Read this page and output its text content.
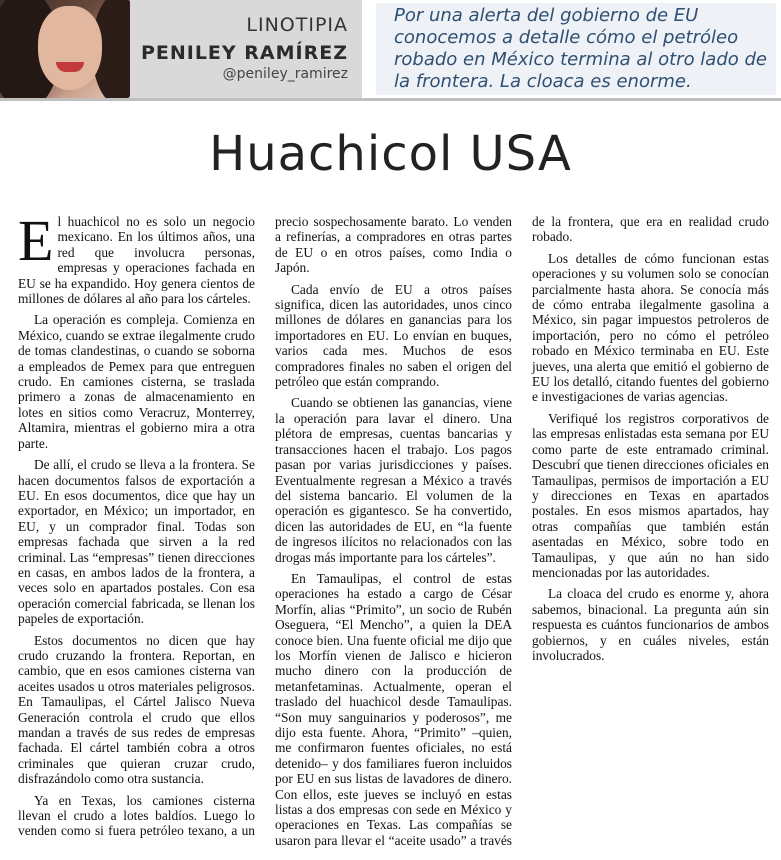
LINOTIPIA
PENILEY RAMÍREZ
@peniley_ramirez
Por una alerta del gobierno de EU conocemos a detalle cómo el petróleo robado en México termina al otro lado de la frontera. La cloaca es enorme.
Huachicol USA

El huachicol no es solo un negocio mexicano. En los últimos años, una red que involucra personas, empresas y operaciones fachada en EU se ha expandido. Hoy genera cientos de millones de dólares al año para los cárteles.

La operación es compleja. Comienza en México, cuando se extrae ilegalmente crudo de tomas clandestinas, o cuando se soborna a empleados de Pemex para que entreguen crudo. En camiones cisterna, se traslada primero a zonas de almacenamiento en lotes en sitios como Veracruz, Monterrey, Altamira, mientras el gobierno mira a otra parte.

De allí, el crudo se lleva a la frontera. Se hacen documentos falsos de exportación a EU. En esos documentos, dice que hay un exportador, en México; un importador, en EU, y un comprador final. Todas son empresas fachada que sirven a la red criminal. Las “empresas” tienen direcciones en casas, en ambos lados de la frontera, a veces solo en apartados postales. Con esa operación comercial fabricada, se llenan los papeles de exportación.

Estos documentos no dicen que hay crudo cruzando la frontera. Reportan, en cambio, que en esos camiones cisterna van aceites usados u otros materiales peligrosos. En Tamaulipas, el Cártel Jalisco Nueva Generación controla el crudo que ellos mandan a través de sus redes de empresas fachada. El cártel también cobra a otros criminales que quieran cruzar crudo, disfrazándolo como otra sustancia.

Ya en Texas, los camiones cisterna llevan el crudo a lotes baldíos. Luego lo venden como si fuera petróleo texano, a un precio sospechosamente barato. Lo venden a refinerías, a compradores en otras partes de EU o en otros países, como India o Japón.

Cada envío de EU a otros países significa, dicen las autoridades, unos cinco millones de dólares en ganancias para los importadores en EU. Lo envían en buques, varios cada mes. Muchos de esos compradores finales no saben el origen del petróleo que están comprando.

Cuando se obtienen las ganancias, viene la operación para lavar el dinero. Una plétora de empresas, cuentas bancarias y transacciones hacen el trabajo. Los pagos pasan por varias jurisdicciones y países. Eventualmente regresan a México a través del sistema bancario. El volumen de la operación es gigantesco. Se ha convertido, dicen las autoridades de EU, en “la fuente de ingresos ilícitos no relacionados con las drogas más importante para los cárteles”.

En Tamaulipas, el control de estas operaciones ha estado a cargo de César Morfín, alias “Primito”, un socio de Rubén Oseguera, “El Mencho”, a quien la DEA conoce bien. Una fuente oficial me dijo que los Morfín vienen de Jalisco e hicieron mucho dinero con la producción de metanfetaminas. Actualmente, operan el traslado del huachicol desde Tamaulipas. “Son muy sanguinarios y poderosos”, me dijo esta fuente. Ahora, “Primito” –quien, me confirmaron fuentes oficiales, no está detenido– y dos familiares fueron incluidos por EU en sus listas de lavadores de dinero. Con ellos, este jueves se incluyó en estas listas a dos empresas con sede en México y operaciones en Texas. Las compañías se usaron para llevar el “aceite usado” a través de la frontera, que era en realidad crudo robado.

Los detalles de cómo funcionan estas operaciones y su volumen solo se conocían parcialmente hasta ahora. Se conocía más de cómo entraba ilegalmente gasolina a México, sin pagar impuestos petroleros de importación, pero no cómo el petróleo robado en México terminaba en EU. Este jueves, una alerta que emitió el gobierno de EU los detalló, citando fuentes del gobierno e investigaciones de varias agencias.

Verifiqué los registros corporativos de las empresas enlistadas esta semana por EU como parte de este entramado criminal. Descubrí que tienen direcciones oficiales en Tamaulipas, permisos de importación a EU y direcciones en Texas en apartados postales. En esos mismos apartados, hay otras compañías que también están asentadas en México, sobre todo en Tamaulipas, y que aún no han sido mencionadas por las autoridades.

La cloaca del crudo es enorme y, ahora sabemos, binacional. La pregunta aún sin respuesta es cuántos funcionarios de ambos gobiernos, y en cuáles niveles, están involucrados.
